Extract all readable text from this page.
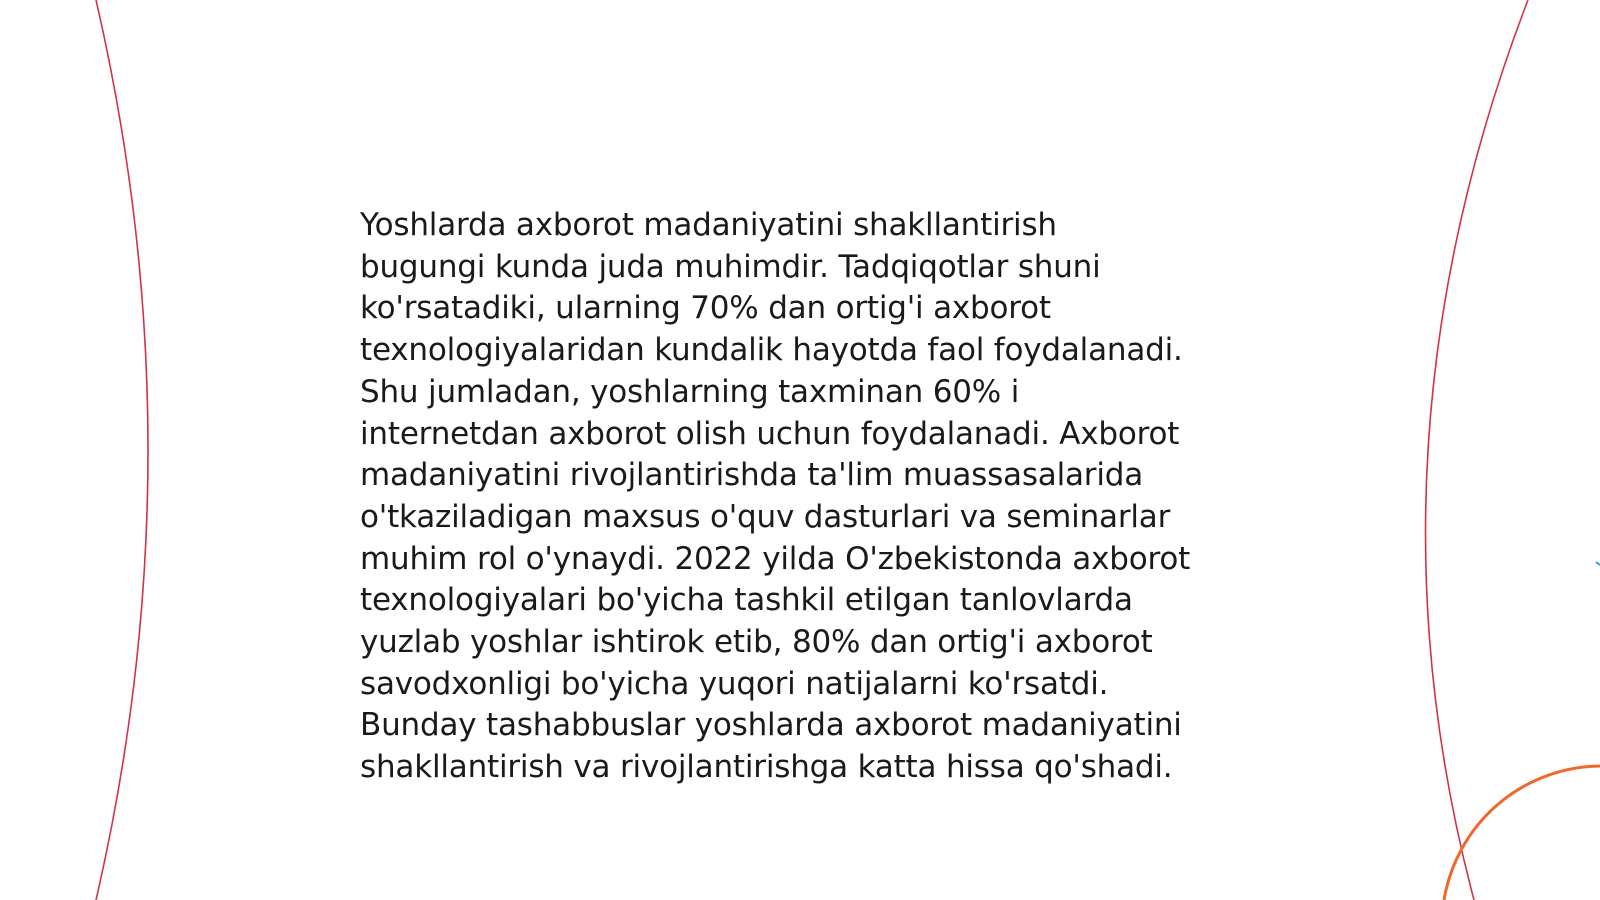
Yoshlarda axborot madaniyatini shakllantirish
bugungi kunda juda muhimdir. Tadqiqotlar shuni
ko'rsatadiki, ularning 70% dan ortig'i axborot
texnologiyalaridan kundalik hayotda faol foydalanadi.
Shu jumladan, yoshlarning taxminan 60% i
internetdan axborot olish uchun foydalanadi. Axborot
madaniyatini rivojlantirishda ta'lim muassasalarida
o'tkaziladigan maxsus o'quv dasturlari va seminarlar
muhim rol o'ynaydi. 2022 yilda O'zbekistonda axborot
texnologiyalari bo'yicha tashkil etilgan tanlovlarda
yuzlab yoshlar ishtirok etib, 80% dan ortig'i axborot
savodxonligi bo'yicha yuqori natijalarni ko'rsatdi.
Bunday tashabbuslar yoshlarda axborot madaniyatini
shakllantirish va rivojlantirishga katta hissa qo'shadi.
